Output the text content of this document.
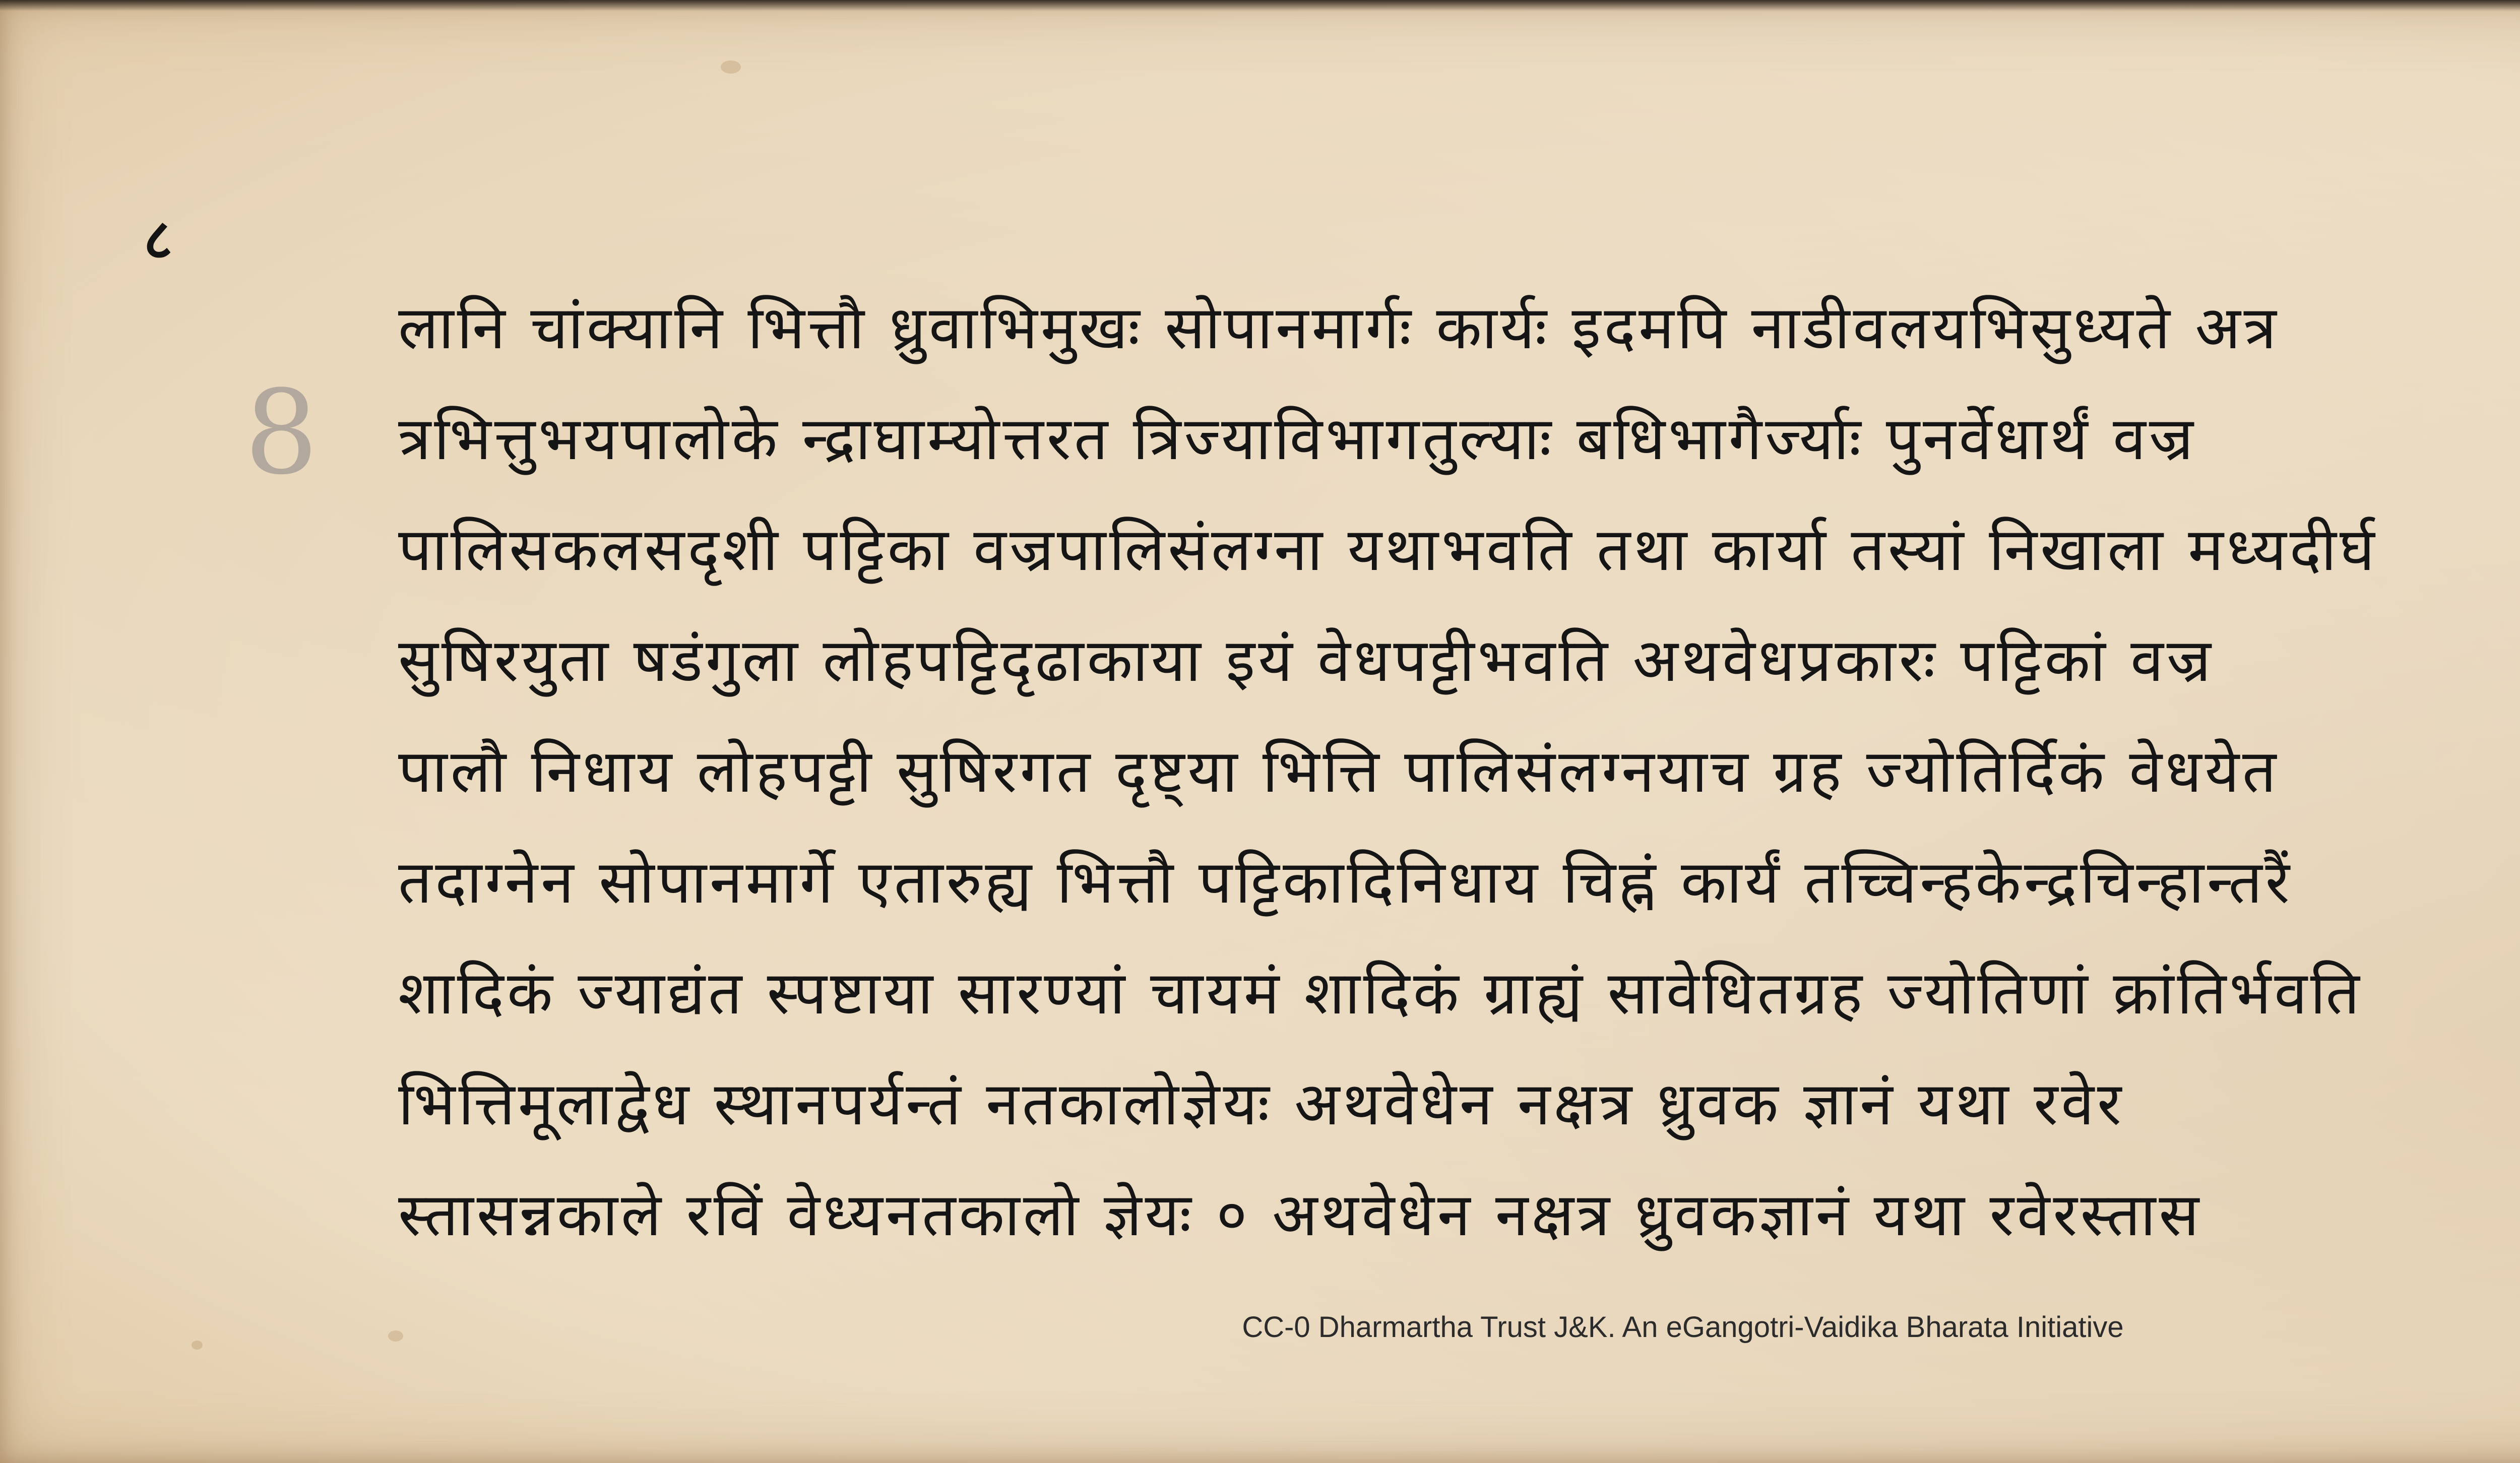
८
8
लानि चांक्यानि भित्तौ ध्रुवाभिमुखः सोपानमार्गः कार्यः इदमपि नाडीवलयभिसुध्यते अत्र
त्रभित्तुभयपालोके न्द्राघाम्योत्तरत त्रिज्याविभागतुल्याः बधिभागैर्ज्याः पुनर्वेधार्थं वज्र
पालिसकलसदृशी पट्टिका वज्रपालिसंलग्ना यथाभवति तथा कार्या तस्यां निखाला मध्यदीर्घ
सुषिरयुता षडंगुला लोहपट्टिदृढाकाया इयं वेधपट्टीभवति अथवेधप्रकारः पट्टिकां वज्र
पालौ निधाय लोहपट्टी सुषिरगत दृष्ट्या भित्ति पालिसंलग्नयाच ग्रह ज्योतिर्दिकं वेधयेत
तदाग्नेन सोपानमार्गे एतारुह्य भित्तौ पट्टिकादिनिधाय चिह्नं कार्यं तच्चिन्हकेन्द्रचिन्हान्तरैं
शादिकं ज्याद्यंत स्पष्टाया सारण्यां चायमं शादिकं ग्राह्यं सावेधितग्रह ज्योतिणां क्रांतिर्भवति
भित्तिमूलाद्वेध स्थानपर्यन्तं नतकालोज्ञेयः अथवेधेन नक्षत्र ध्रुवक ज्ञानं यथा रवेर
स्तासन्नकाले रविं वेध्यनतकालो ज्ञेयः ० अथवेधेन नक्षत्र ध्रुवकज्ञानं यथा रवेरस्तास
CC-0 Dharmartha Trust J&K. An eGangotri-Vaidika Bharata Initiative
